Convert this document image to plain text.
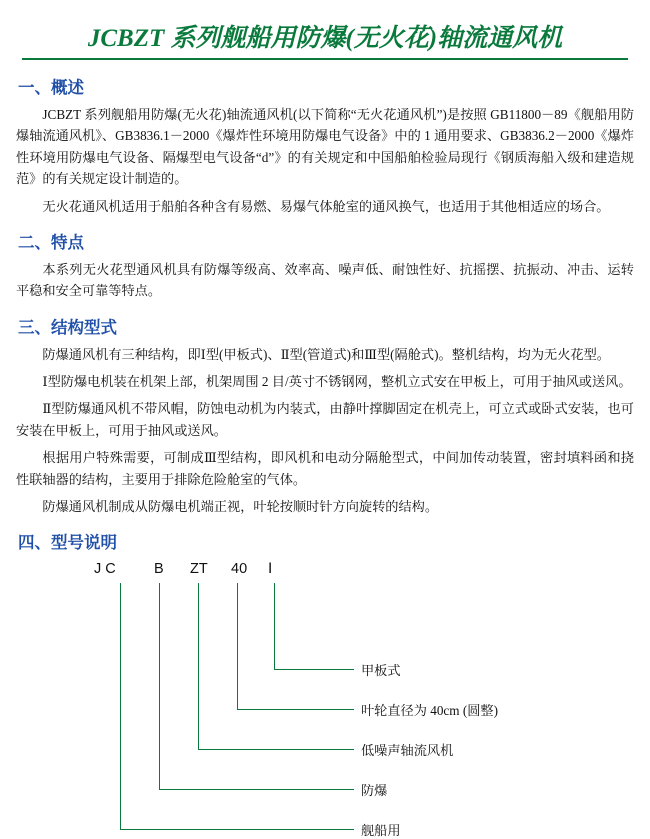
JCBZT 系列舰船用防爆(无火花)轴流通风机
一、概述

JCBZT 系列舰船用防爆(无火花)轴流通风机(以下简称“无火花通风机”)是按照 GB11800－89《舰船用防爆轴流通风机》、GB3836.1－2000《爆炸性环境用防爆电气设备》中的 1 通用要求、GB3836.2－2000《爆炸性环境用防爆电气设备、隔爆型电气设备“d”》的有关规定和中国船舶检验局现行《钢质海船入级和建造规范》的有关规定设计制造的。

无火花通风机适用于船舶各种含有易燃、易爆气体舱室的通风换气，也适用于其他相适应的场合。

二、特点

本系列无火花型通风机具有防爆等级高、效率高、噪声低、耐蚀性好、抗摇摆、抗振动、冲击、运转平稳和安全可靠等特点。

三、结构型式

防爆通风机有三种结构，即Ⅰ型(甲板式)、Ⅱ型(管道式)和Ⅲ型(隔舱式)。整机结构，均为无火花型。

Ⅰ型防爆电机装在机架上部，机架周围 2 目/英寸不锈钢网，整机立式安在甲板上，可用于抽风或送风。

Ⅱ型防爆通风机不带风帽，防蚀电动机为内装式，由静叶撑脚固定在机壳上，可立式或卧式安装，也可安装在甲板上，可用于抽风或送风。

根据用户特殊需要，可制成Ⅲ型结构，即风机和电动分隔舱型式，中间加传动装置，密封填料函和挠性联轴器的结构，主要用于排除危险舱室的气体。

防爆通风机制成从防爆电机端正视，叶轮按顺时针方向旋转的结构。

四、型号说明
J C	B ZT 40 Ⅰ
甲板式
叶轮直径为 40cm (圆整)
低噪声轴流风机
防爆
舰船用
